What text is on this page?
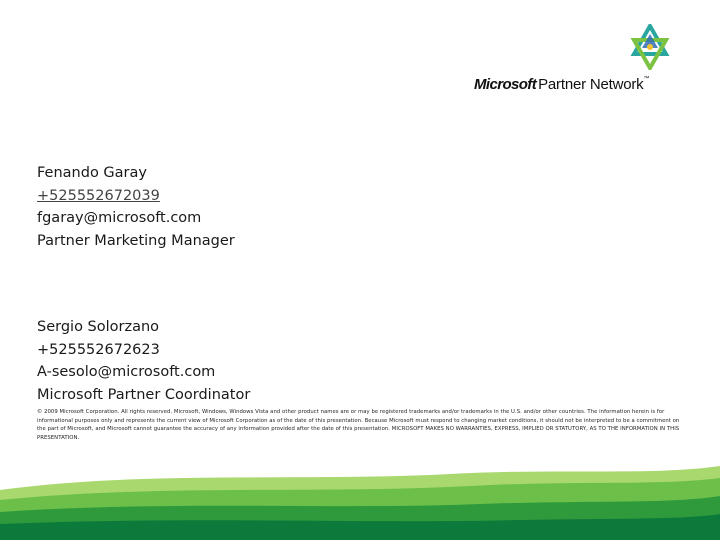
Microsoft Partner Network™
Fenando Garay
+525552672039
fgaray@microsoft.com
Partner Marketing Manager
Sergio Solorzano
+525552672623
A-sesolo@microsoft.com
Microsoft Partner Coordinator
© 2009 Microsoft Corporation. All rights reserved. Microsoft, Windows, Windows Vista and other product names are or may be registered trademarks and/or trademarks in the U.S. and/or other countries. The information herein is for informational purposes only and represents the current view of Microsoft Corporation as of the date of this presentation. Because Microsoft must respond to changing market conditions, it should not be interpreted to be a commitment on the part of Microsoft, and Microsoft cannot guarantee the accuracy of any information provided after the date of this presentation. MICROSOFT MAKES NO WARRANTIES, EXPRESS, IMPLIED OR STATUTORY, AS TO THE INFORMATION IN THIS PRESENTATION.
